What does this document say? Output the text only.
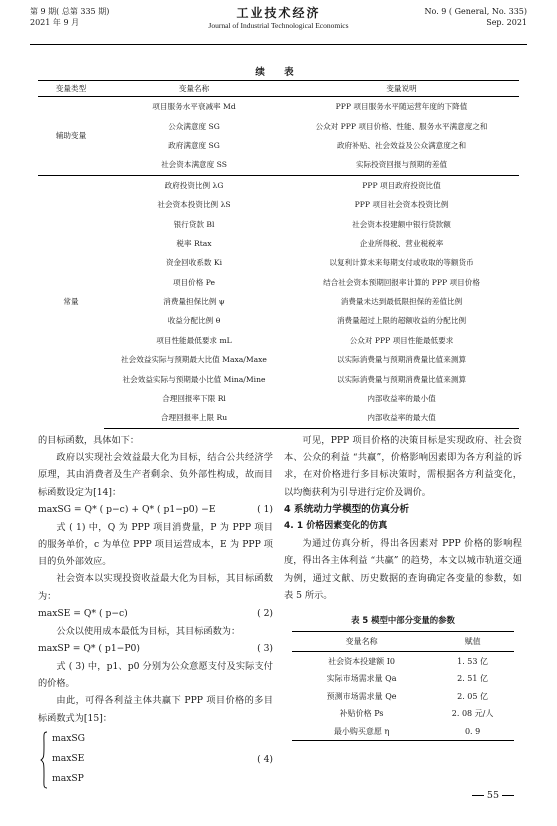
第 9 期( 总第 335 期)
2021 年 9 月
工业技术经济
Journal of Industrial Technological Economics
No. 9 ( General, No. 335)
Sep. 2021
续 表
变量类型	变量名称	变量说明
辅助变量	项目服务水平衰减率 Md	PPP 项目服务水平随运营年度的下降值
	公众满意度 SG	公众对 PPP 项目价格、性能、服务水平满意度之和
	政府满意度 SG	政府补贴、社会效益及公众满意度之和
	社会资本满意度 SS	实际投资回报与预期的差值
常量	政府投资比例 λG	PPP 项目政府投资比值
	社会资本投资比例 λS	PPP 项目社会资本投资比例
	银行贷款 Bl	社会资本投建额中银行贷款额
	税率 Rtax	企业所得税、营业税税率
	资金回收系数 Ki	以复利计算未来每期支付或收取的等额货币
	项目价格 Pe	结合社会资本预期回报率计算的 PPP 项目价格
	消费量担保比例 ψ	消费量未达到最低限担保的差值比例
	收益分配比例 θ	消费量超过上限的超额收益的分配比例
	项目性能最低要求 mL	公众对 PPP 项目性能最低要求
	社会效益实际与预期最大比值 Maxa/Maxe	以实际消费量与预期消费量比值来测算
	社会效益实际与预期最小比值 Mina/Mine	以实际消费量与预期消费量比值来测算
	合理回报率下限 Rl	内部收益率的最小值
	合理回报率上限 Ru	内部收益率的最大值

的目标函数，具体如下：

政府以实现社会效益最大化为目标，结合公共经济学原理，其由消费者及生产者剩余、负外部性构成，故而目标函数设定为[14]：

maxSG = Q* ( p−c) + Q* ( p1−p0) −E	( 1)

式 ( 1) 中，Q 为 PPP 项目消费量，P 为 PPP 项目的服务单价，c 为单位 PPP 项目运营成本，E 为 PPP 项目的负外部效应。

社会资本以实现投资收益最大化为目标，其目标函数为：

maxSE = Q* ( p−c)	( 2)

公众以使用成本最低为目标，其目标函数为：

maxSP = Q* ( p1−P0)	( 3)

式 ( 3) 中，p1、p0 分别为公众意愿支付及实际支付的价格。

由此，可得各利益主体共赢下 PPP 项目价格的多目标函数式为[15]：

maxSG
maxSE
maxSP
( 4)

可见，PPP 项目价格的决策目标是实现政府、社会资本、公众的利益 “共赢”，价格影响因素即为各方利益的诉求，在对价格进行多目标决策时，需根据各方利益变化，以均衡获利为引导进行定价及调价。

4 系统动力学模型的仿真分析

4. 1 价格因素变化的仿真

为通过仿真分析，得出各因素对 PPP 价格的影响程度，得出各主体利益 “共赢” 的趋势，本文以城市轨道交通为例，通过文献、历史数据的查询确定各变量的参数，如表 5 所示。

表 5 模型中部分变量的参数
变量名称	赋值
社会资本投建额 I0	1. 53 亿
实际市场需求量 Qa	2. 51 亿
预测市场需求量 Qe	2. 05 亿
补贴价格 Ps	2. 08 元/人
最小购买意愿 η	0. 9
55
